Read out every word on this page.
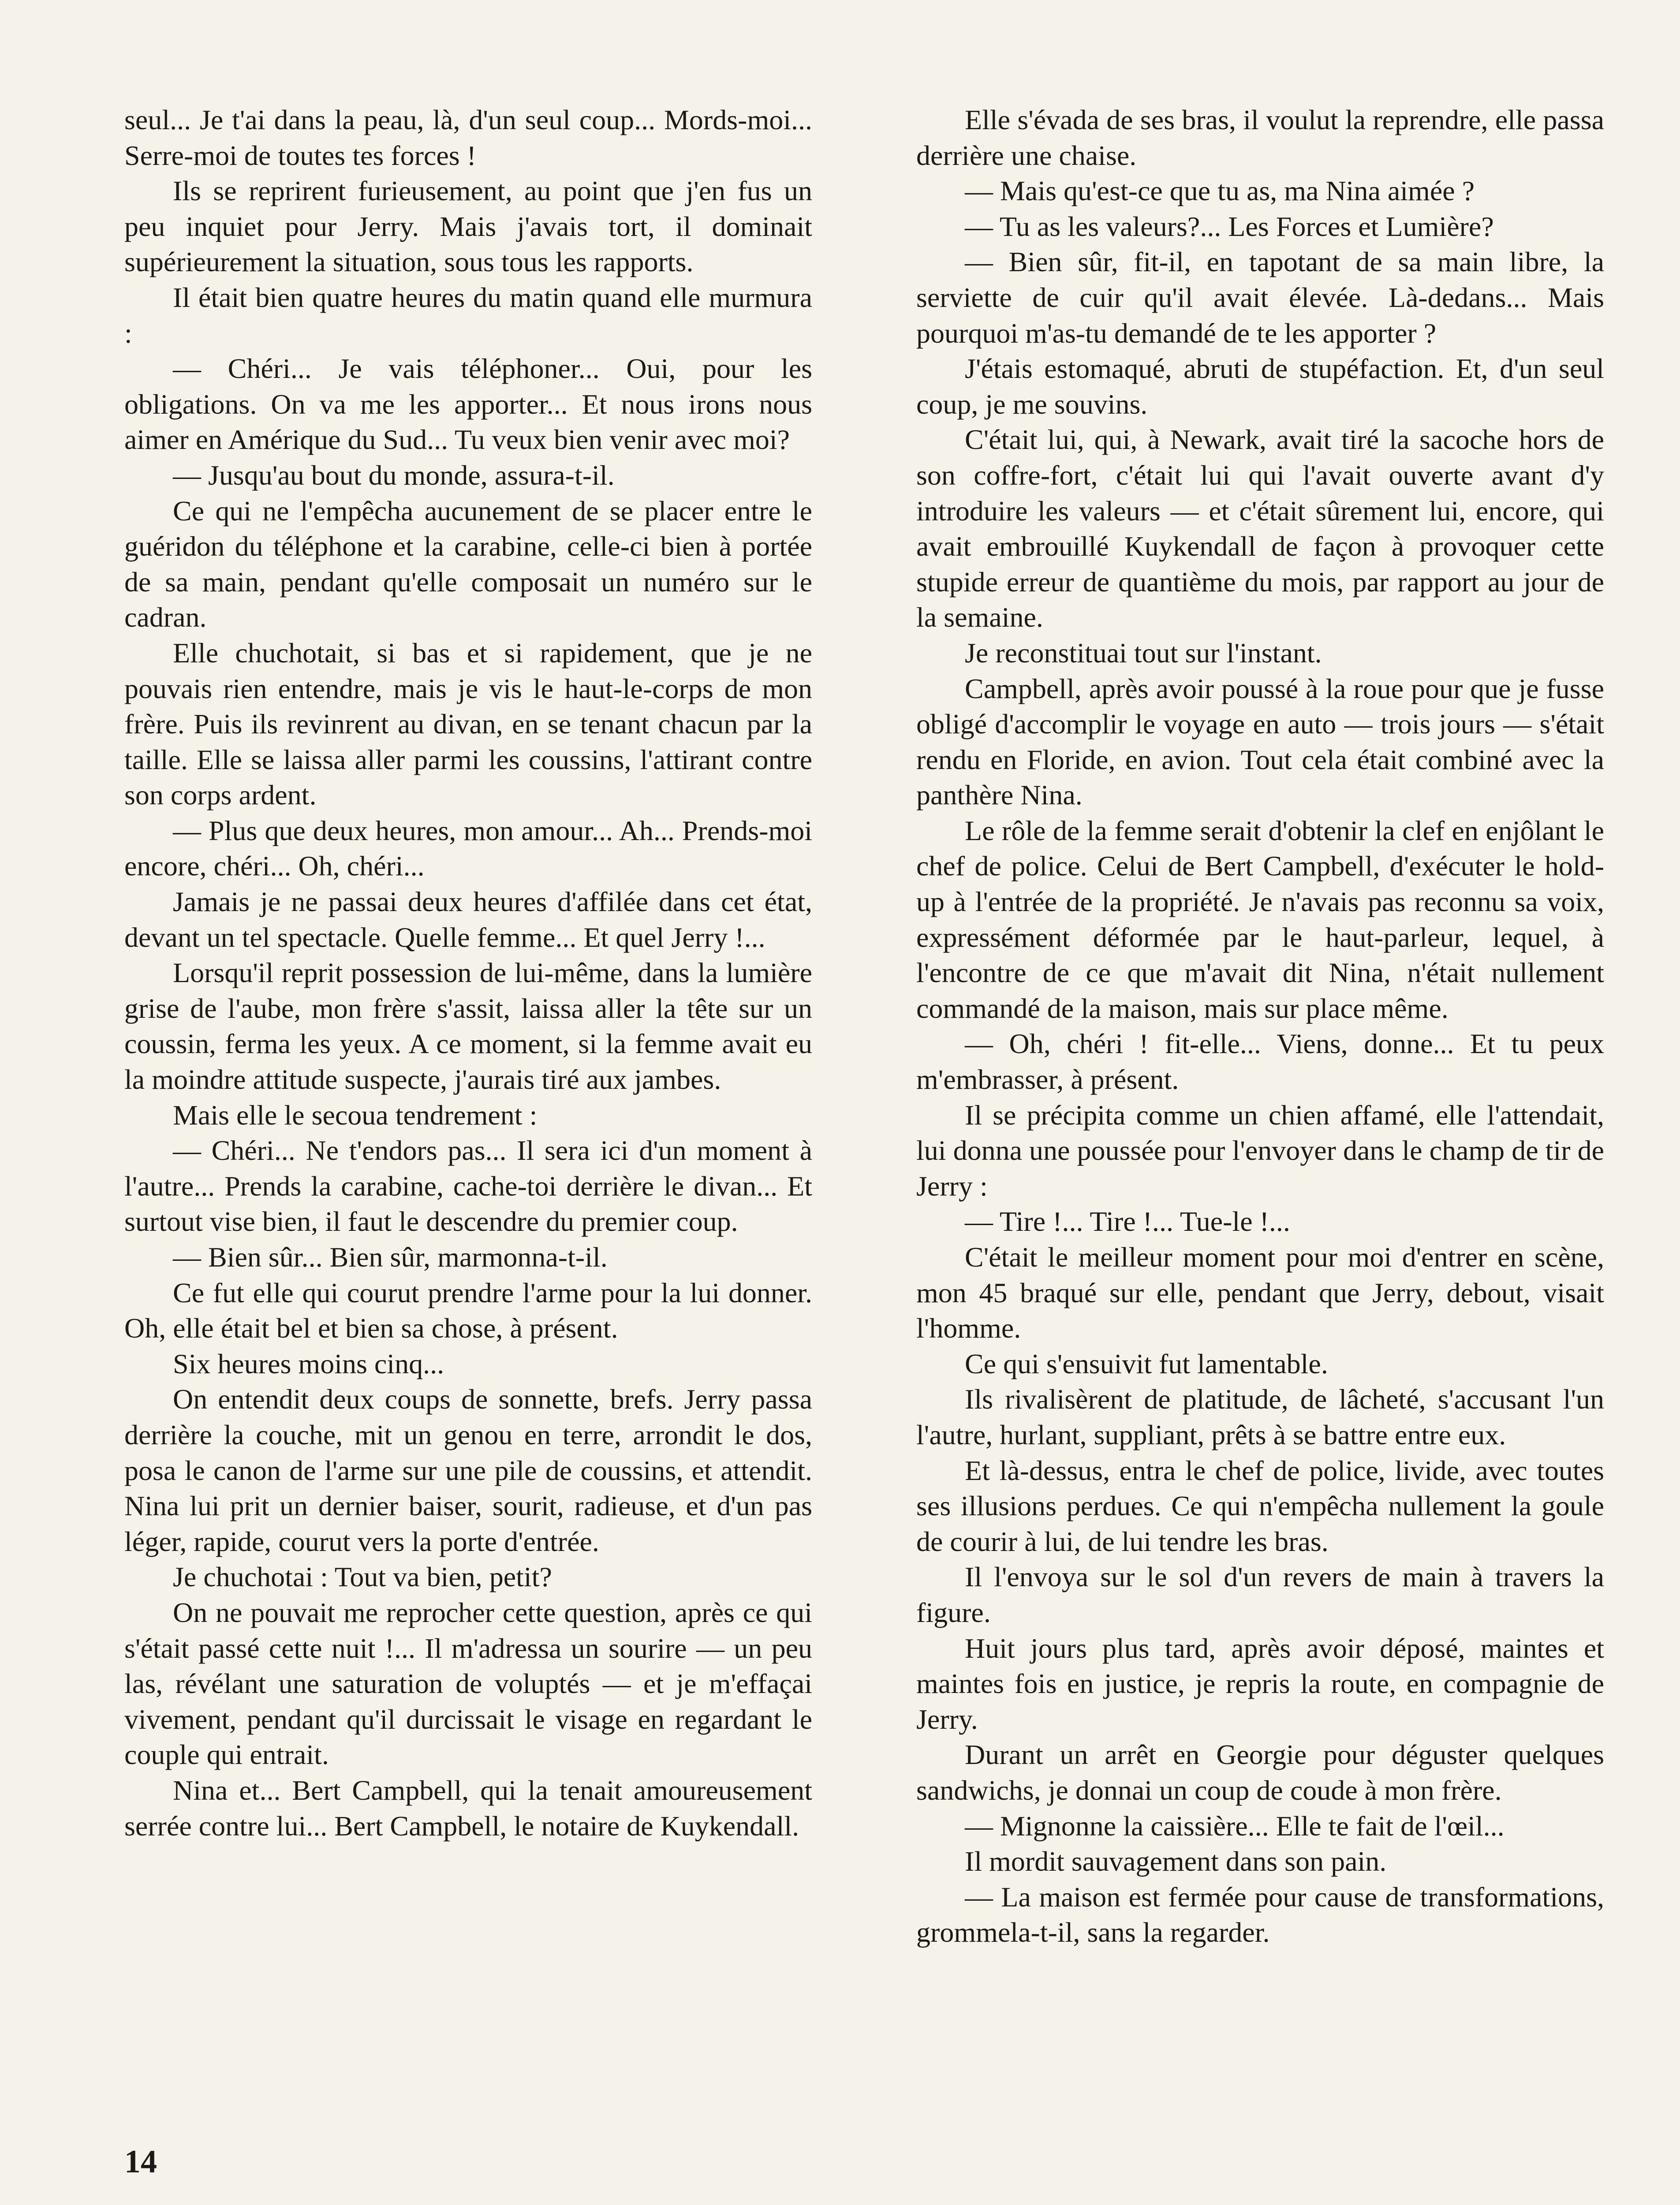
seul... Je t'ai dans la peau, là, d'un seul coup... Mords-moi... Serre-moi de toutes tes forces !

Ils se reprirent furieusement, au point que j'en fus un peu inquiet pour Jerry. Mais j'avais tort, il dominait supérieurement la situation, sous tous les rapports.

Il était bien quatre heures du matin quand elle murmura :

— Chéri... Je vais téléphoner... Oui, pour les obligations. On va me les apporter... Et nous irons nous aimer en Amérique du Sud... Tu veux bien venir avec moi?

— Jusqu'au bout du monde, assura-t-il.

Ce qui ne l'empêcha aucunement de se placer entre le guéridon du téléphone et la carabine, celle-ci bien à portée de sa main, pendant qu'elle composait un numéro sur le cadran.

Elle chuchotait, si bas et si rapidement, que je ne pouvais rien entendre, mais je vis le haut-le-corps de mon frère. Puis ils revinrent au divan, en se tenant chacun par la taille. Elle se laissa aller parmi les coussins, l'attirant contre son corps ardent.

— Plus que deux heures, mon amour... Ah... Prends-moi encore, chéri... Oh, chéri...

Jamais je ne passai deux heures d'affilée dans cet état, devant un tel spectacle. Quelle femme... Et quel Jerry !...

Lorsqu'il reprit possession de lui-même, dans la lumière grise de l'aube, mon frère s'assit, laissa aller la tête sur un coussin, ferma les yeux. A ce moment, si la femme avait eu la moindre attitude suspecte, j'aurais tiré aux jambes.

Mais elle le secoua tendrement :

— Chéri... Ne t'endors pas... Il sera ici d'un moment à l'autre... Prends la carabine, cache-toi derrière le divan... Et surtout vise bien, il faut le descendre du premier coup.

— Bien sûr... Bien sûr, marmonna-t-il.

Ce fut elle qui courut prendre l'arme pour la lui donner. Oh, elle était bel et bien sa chose, à présent.

Six heures moins cinq...

On entendit deux coups de sonnette, brefs. Jerry passa derrière la couche, mit un genou en terre, arrondit le dos, posa le canon de l'arme sur une pile de coussins, et attendit. Nina lui prit un dernier baiser, sourit, radieuse, et d'un pas léger, rapide, courut vers la porte d'entrée.

Je chuchotai : Tout va bien, petit?

On ne pouvait me reprocher cette question, après ce qui s'était passé cette nuit !... Il m'adressa un sourire — un peu las, révélant une saturation de voluptés — et je m'effaçai vivement, pendant qu'il durcissait le visage en regardant le couple qui entrait.

Nina et... Bert Campbell, qui la tenait amoureusement serrée contre lui... Bert Campbell, le notaire de Kuykendall.

Elle s'évada de ses bras, il voulut la reprendre, elle passa derrière une chaise.

— Mais qu'est-ce que tu as, ma Nina aimée ?

— Tu as les valeurs?... Les Forces et Lumière?

— Bien sûr, fit-il, en tapotant de sa main libre, la serviette de cuir qu'il avait élevée. Là-dedans... Mais pourquoi m'as-tu demandé de te les apporter ?

J'étais estomaqué, abruti de stupéfaction. Et, d'un seul coup, je me souvins.

C'était lui, qui, à Newark, avait tiré la sacoche hors de son coffre-fort, c'était lui qui l'avait ouverte avant d'y introduire les valeurs — et c'était sûrement lui, encore, qui avait embrouillé Kuykendall de façon à provoquer cette stupide erreur de quantième du mois, par rapport au jour de la semaine.

Je reconstituai tout sur l'instant.

Campbell, après avoir poussé à la roue pour que je fusse obligé d'accomplir le voyage en auto — trois jours — s'était rendu en Floride, en avion. Tout cela était combiné avec la panthère Nina.

Le rôle de la femme serait d'obtenir la clef en enjôlant le chef de police. Celui de Bert Campbell, d'exécuter le hold-up à l'entrée de la propriété. Je n'avais pas reconnu sa voix, expressément déformée par le haut-parleur, lequel, à l'encontre de ce que m'avait dit Nina, n'était nullement commandé de la maison, mais sur place même.

— Oh, chéri ! fit-elle... Viens, donne... Et tu peux m'embrasser, à présent.

Il se précipita comme un chien affamé, elle l'attendait, lui donna une poussée pour l'envoyer dans le champ de tir de Jerry :

— Tire !... Tire !... Tue-le !...

C'était le meilleur moment pour moi d'entrer en scène, mon 45 braqué sur elle, pendant que Jerry, debout, visait l'homme.

Ce qui s'ensuivit fut lamentable.

Ils rivalisèrent de platitude, de lâcheté, s'accusant l'un l'autre, hurlant, suppliant, prêts à se battre entre eux.

Et là-dessus, entra le chef de police, livide, avec toutes ses illusions perdues. Ce qui n'empêcha nullement la goule de courir à lui, de lui tendre les bras.

Il l'envoya sur le sol d'un revers de main à travers la figure.

Huit jours plus tard, après avoir déposé, maintes et maintes fois en justice, je repris la route, en compagnie de Jerry.

Durant un arrêt en Georgie pour déguster quelques sandwichs, je donnai un coup de coude à mon frère.

— Mignonne la caissière... Elle te fait de l'œil...

Il mordit sauvagement dans son pain.

— La maison est fermée pour cause de transformations, grommela-t-il, sans la regarder.

14
